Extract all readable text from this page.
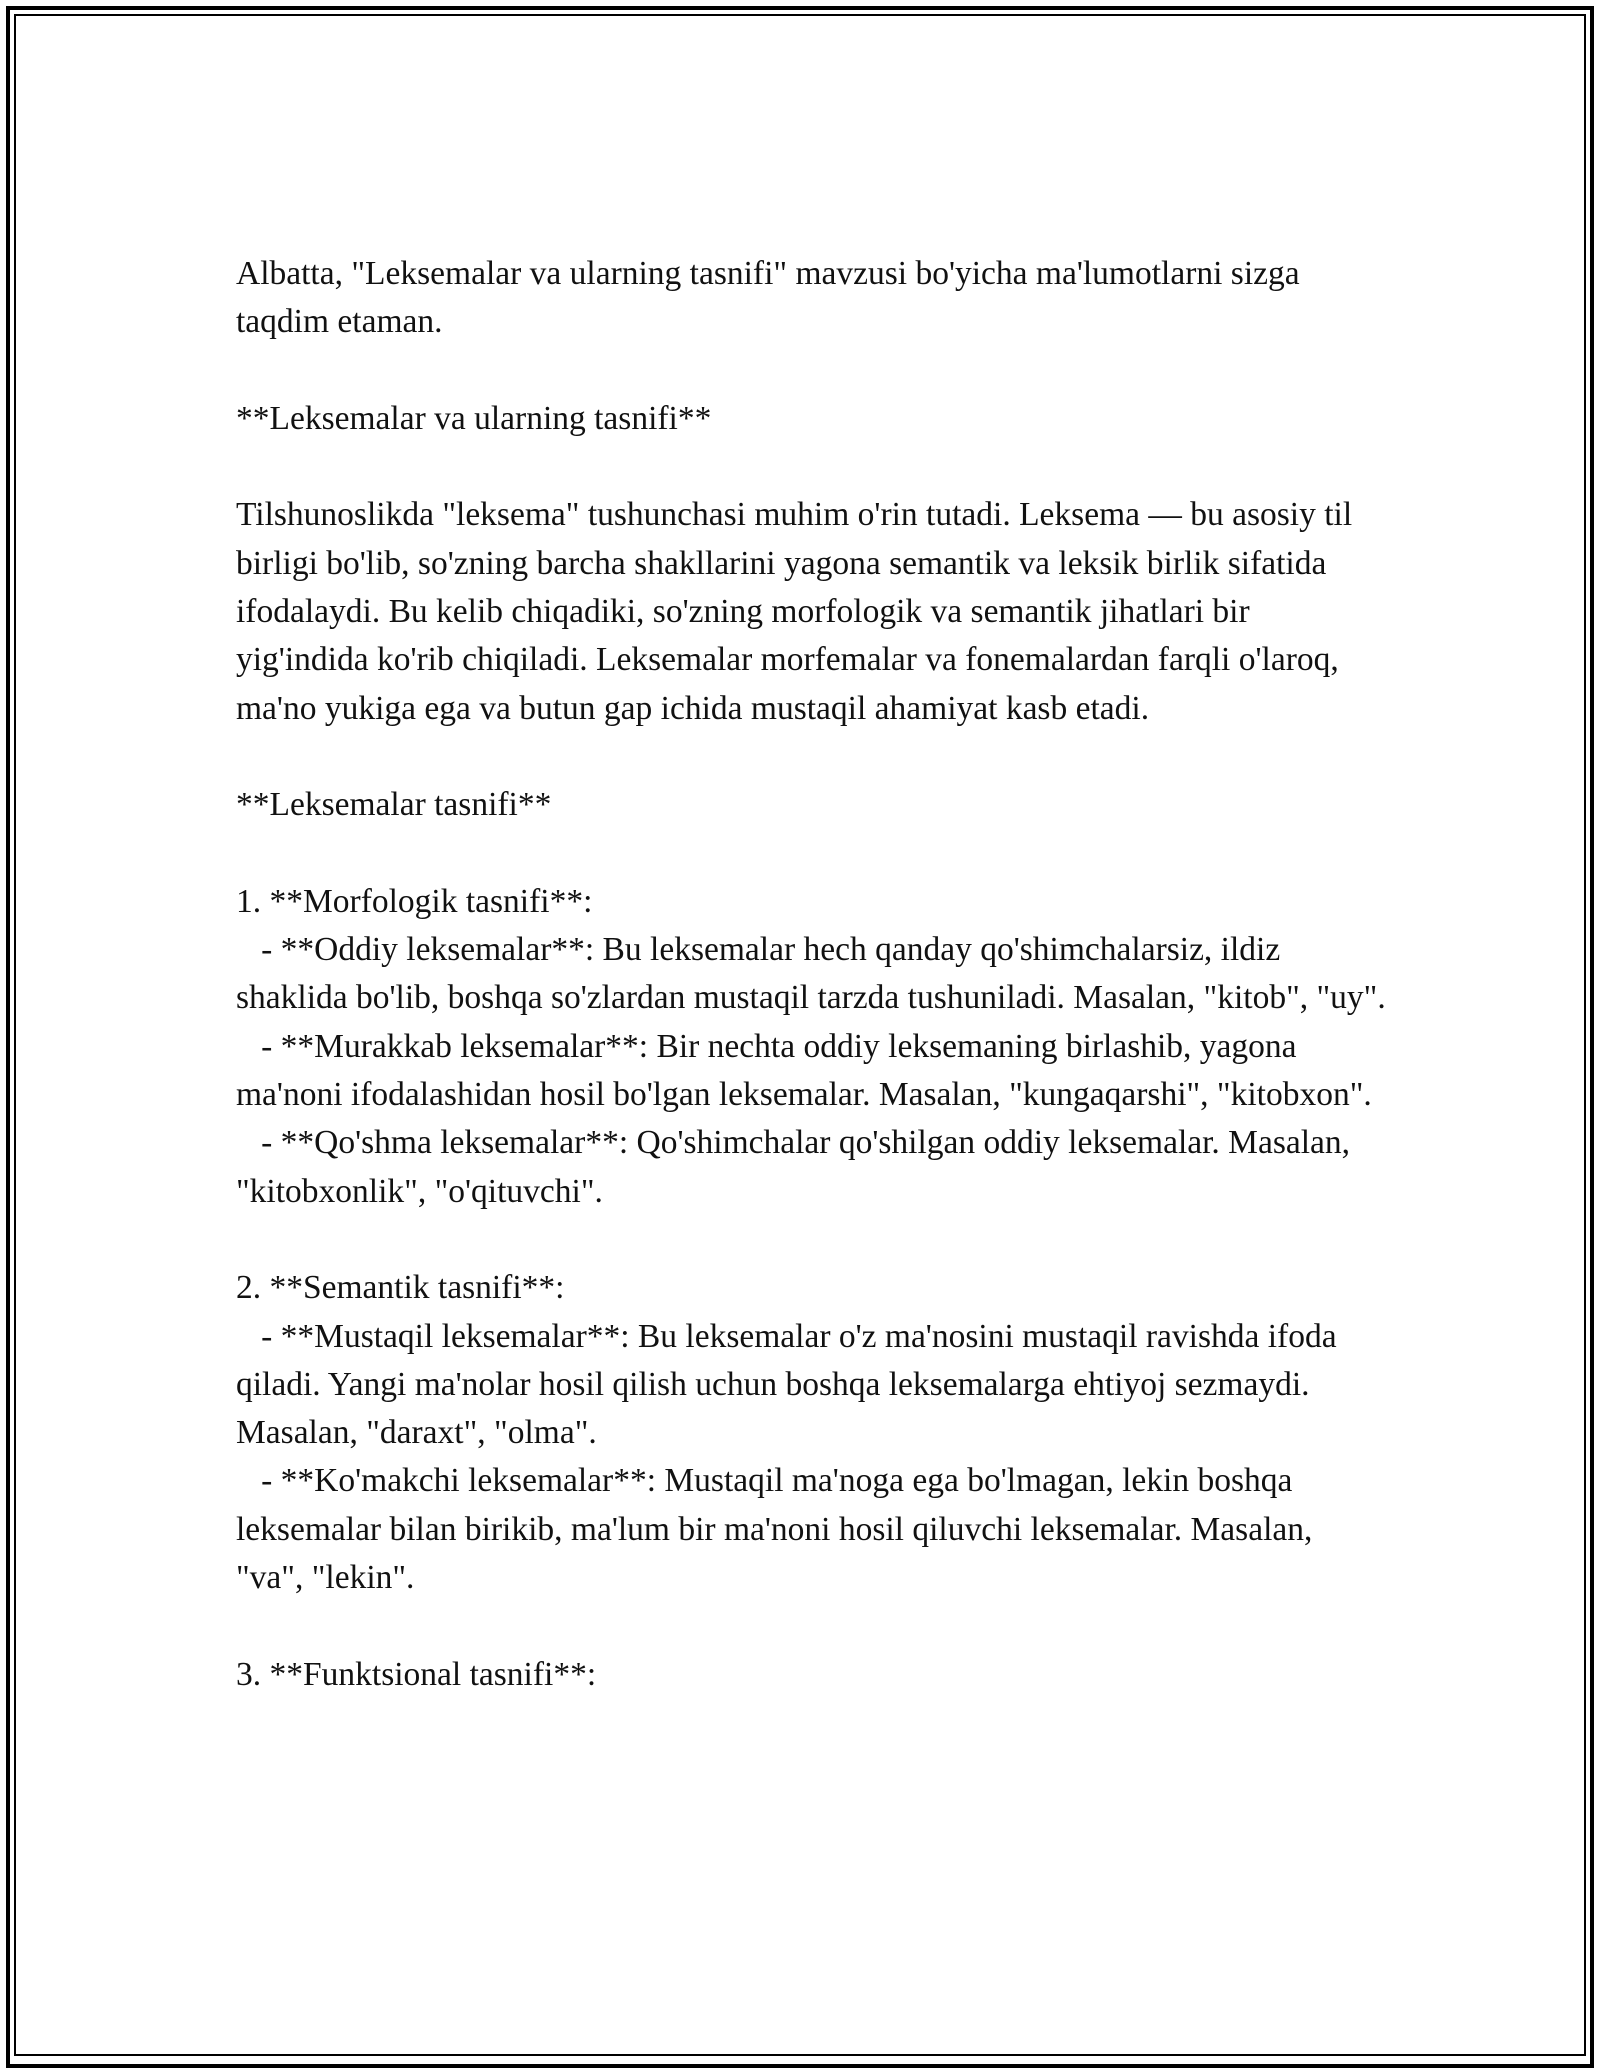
Albatta, "Leksemalar va ularning tasnifi" mavzusi bo'yicha ma'lumotlarni sizga taqdim etaman.

**Leksemalar va ularning tasnifi**

Tilshunoslikda "leksema" tushunchasi muhim o'rin tutadi. Leksema — bu asosiy til birligi bo'lib, so'zning barcha shakllarini yagona semantik va leksik birlik sifatida ifodalaydi. Bu kelib chiqadiki, so'zning morfologik va semantik jihatlari bir yig'indida ko'rib chiqiladi. Leksemalar morfemalar va fonemalardan farqli o'laroq, ma'no yukiga ega va butun gap ichida mustaqil ahamiyat kasb etadi.

**Leksemalar tasnifi**

1. **Morfologik tasnifi**:

- **Oddiy leksemalar**: Bu leksemalar hech qanday qo'shimchalarsiz, ildiz shaklida bo'lib, boshqa so'zlardan mustaqil tarzda tushuniladi. Masalan, "kitob", "uy".

- **Murakkab leksemalar**: Bir nechta oddiy leksemaning birlashib, yagona ma'noni ifodalashidan hosil bo'lgan leksemalar. Masalan, "kungaqarshi", "kitobxon".

- **Qo'shma leksemalar**: Qo'shimchalar qo'shilgan oddiy leksemalar. Masalan, "kitobxonlik", "o'qituvchi".

2. **Semantik tasnifi**:

- **Mustaqil leksemalar**: Bu leksemalar o'z ma'nosini mustaqil ravishda ifoda qiladi. Yangi ma'nolar hosil qilish uchun boshqa leksemalarga ehtiyoj sezmaydi. Masalan, "daraxt", "olma".

- **Ko'makchi leksemalar**: Mustaqil ma'noga ega bo'lmagan, lekin boshqa leksemalar bilan birikib, ma'lum bir ma'noni hosil qiluvchi leksemalar. Masalan, "va", "lekin".

3. **Funktsional tasnifi**:
